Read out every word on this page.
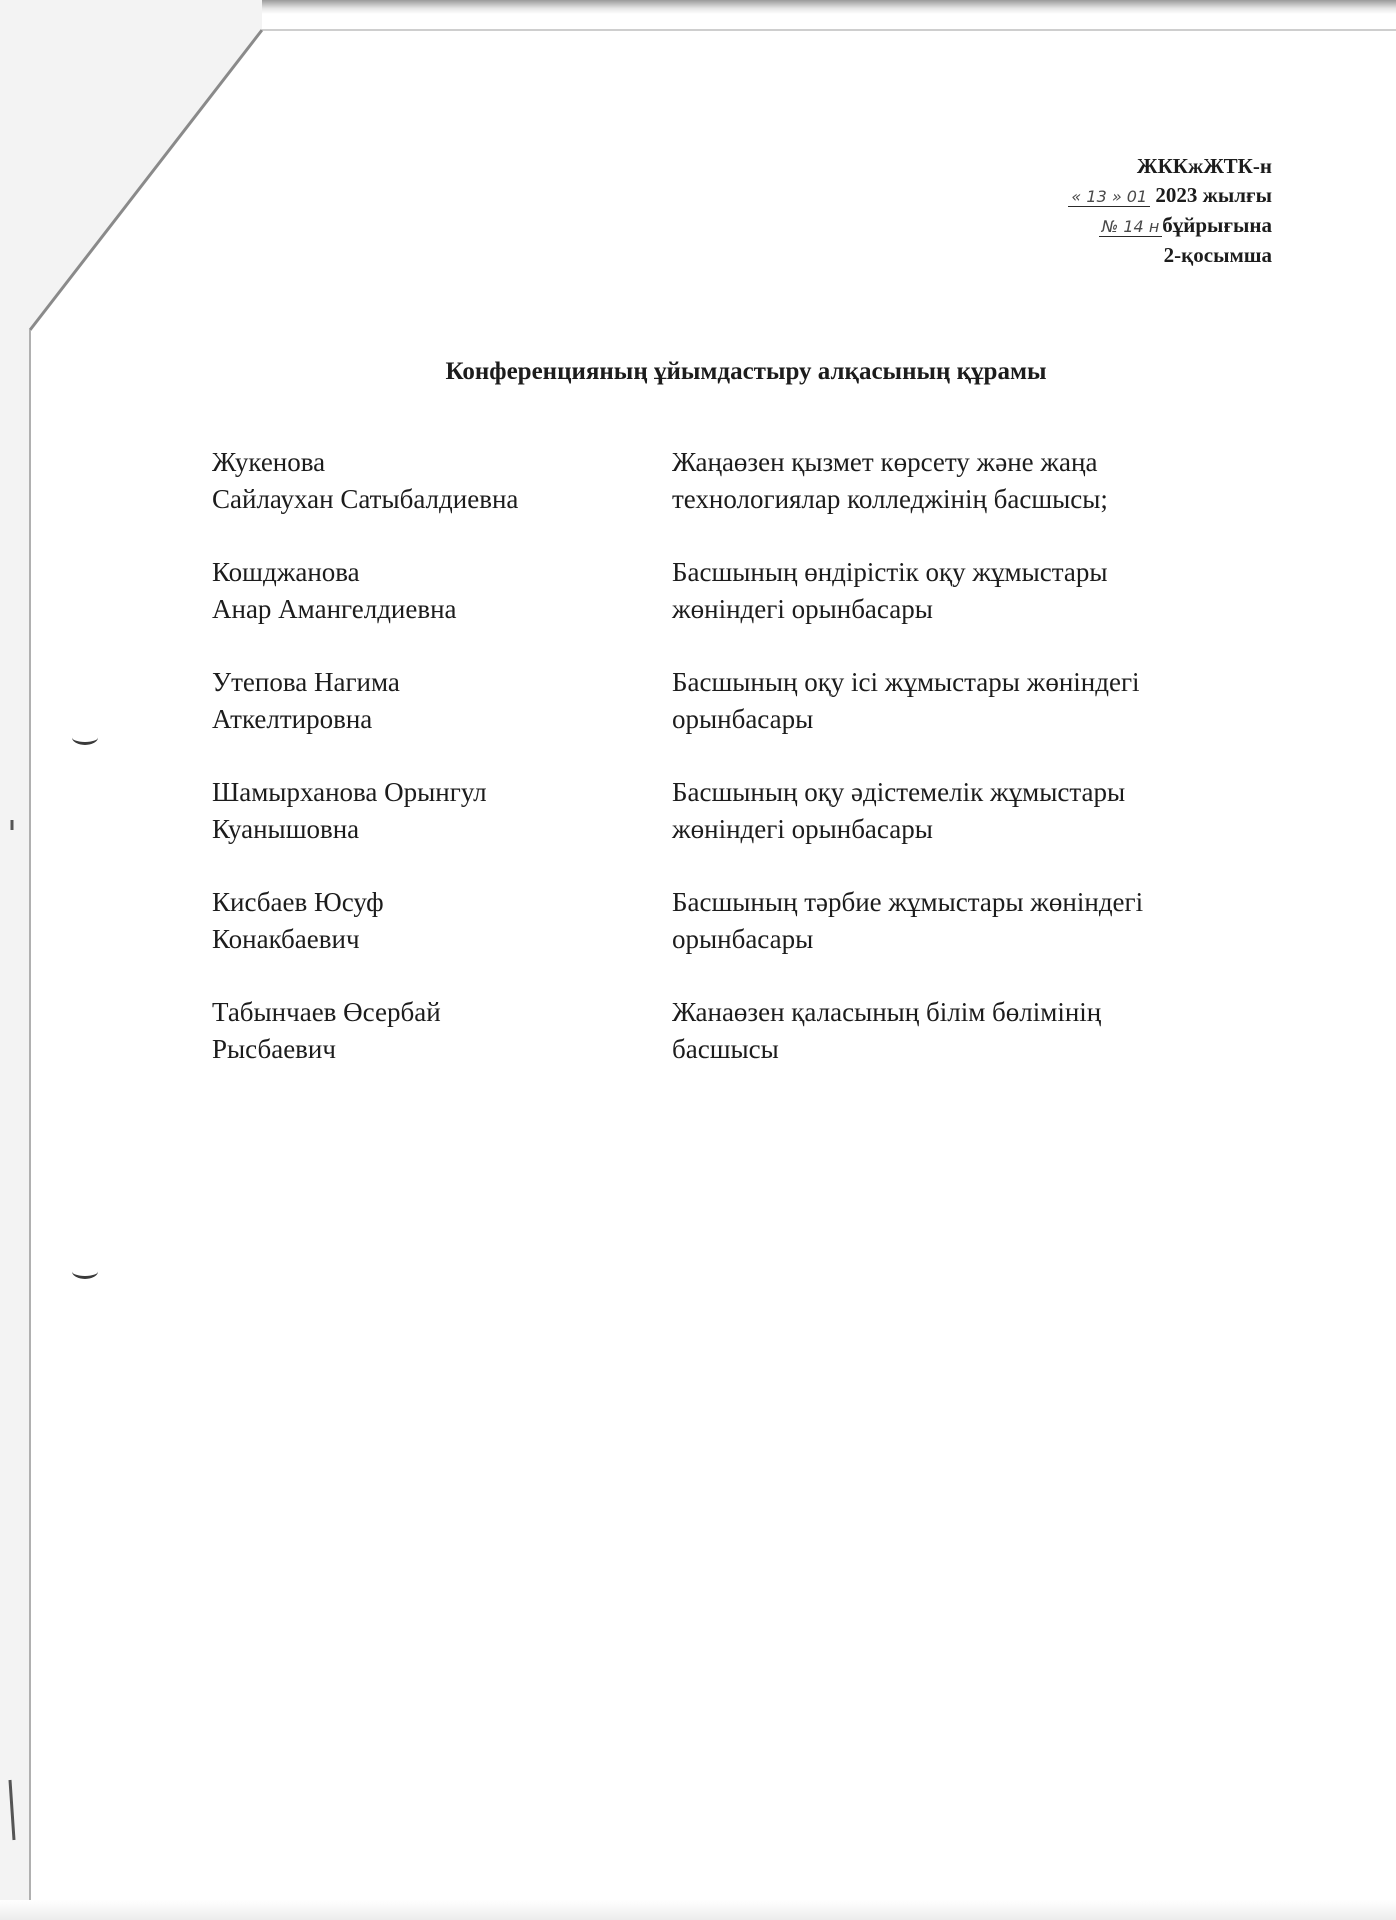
ЖККжЖТК-н
« 13 » 01 2023 жылғы
№ 14 н бұйрығына
2-қосымша
Конференцияның ұйымдастыру алқасының құрамы

Жукенова
Сайлаухан Сатыбалдиевна

Жаңаөзен қызмет көрсету және жаңа
технологиялар колледжінің басшысы;

Кошджанова
Анар Амангелдиевна

Басшының өндірістік оқу жұмыстары
жөніндегі орынбасары

Утепова Нагима
Аткелтировна

Басшының оқу ісі жұмыстары жөніндегі
орынбасары

Шамырханова Орынгул
Куанышовна

Басшының оқу әдістемелік жұмыстары
жөніндегі орынбасары

Кисбаев Юсуф
Конакбаевич

Басшының тәрбие жұмыстары жөніндегі
орынбасары

Табынчаев Өсербай
Рысбаевич

Жанаөзен қаласының білім бөлімінің
басшысы
